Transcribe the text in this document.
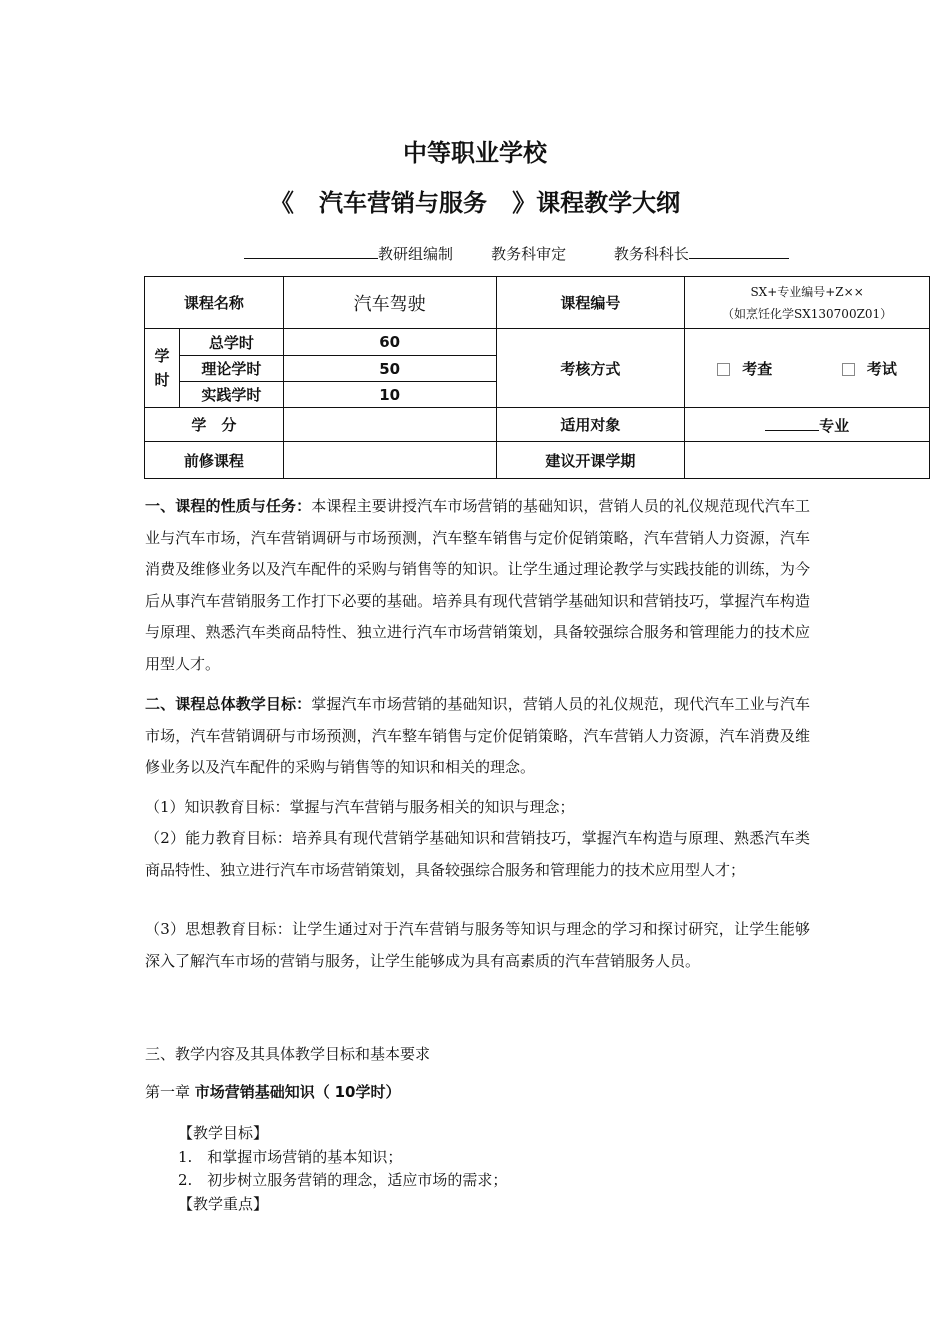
中等职业学校
《 汽车营销与服务 》课程教学大纲
教研组编制	教务科审定	教务科科长
课程名称		汽车驾驶	课程编号	SX+专业编号+Z××
（如烹饪化学SX130700Z01）

学时	总学时	60	考核方式	考查 考试
	理论学时	50		
	实践学时	10		
学　分			适用对象	专业
前修课程			建议开课学期	
一、课程的性质与任务：本课程主要讲授汽车市场营销的基础知识，营销人员的礼仪规范现代汽车工业与汽车市场，汽车营销调研与市场预测，汽车整车销售与定价促销策略，汽车营销人力资源，汽车消费及维修业务以及汽车配件的采购与销售等的知识。让学生通过理论教学与实践技能的训练，为今后从事汽车营销服务工作打下必要的基础。培养具有现代营销学基础知识和营销技巧，掌握汽车构造与原理、熟悉汽车类商品特性、独立进行汽车市场营销策划，具备较强综合服务和管理能力的技术应用型人才。
二、课程总体教学目标：掌握汽车市场营销的基础知识，营销人员的礼仪规范，现代汽车工业与汽车市场，汽车营销调研与市场预测，汽车整车销售与定价促销策略，汽车营销人力资源，汽车消费及维修业务以及汽车配件的采购与销售等的知识和相关的理念。
（1）知识教育目标：掌握与汽车营销与服务相关的知识与理念；
（2）能力教育目标：培养具有现代营销学基础知识和营销技巧，掌握汽车构造与原理、熟悉汽车类商品特性、独立进行汽车市场营销策划，具备较强综合服务和管理能力的技术应用型人才；
（3）思想教育目标：让学生通过对于汽车营销与服务等知识与理念的学习和探讨研究，让学生能够深入了解汽车市场的营销与服务，让学生能够成为具有高素质的汽车营销服务人员。
三、教学内容及其具体教学目标和基本要求
第一章 市场营销基础知识（ 10学时）
【教学目标】
1.　和掌握市场营销的基本知识；
2.　初步树立服务营销的理念，适应市场的需求；
【教学重点】
